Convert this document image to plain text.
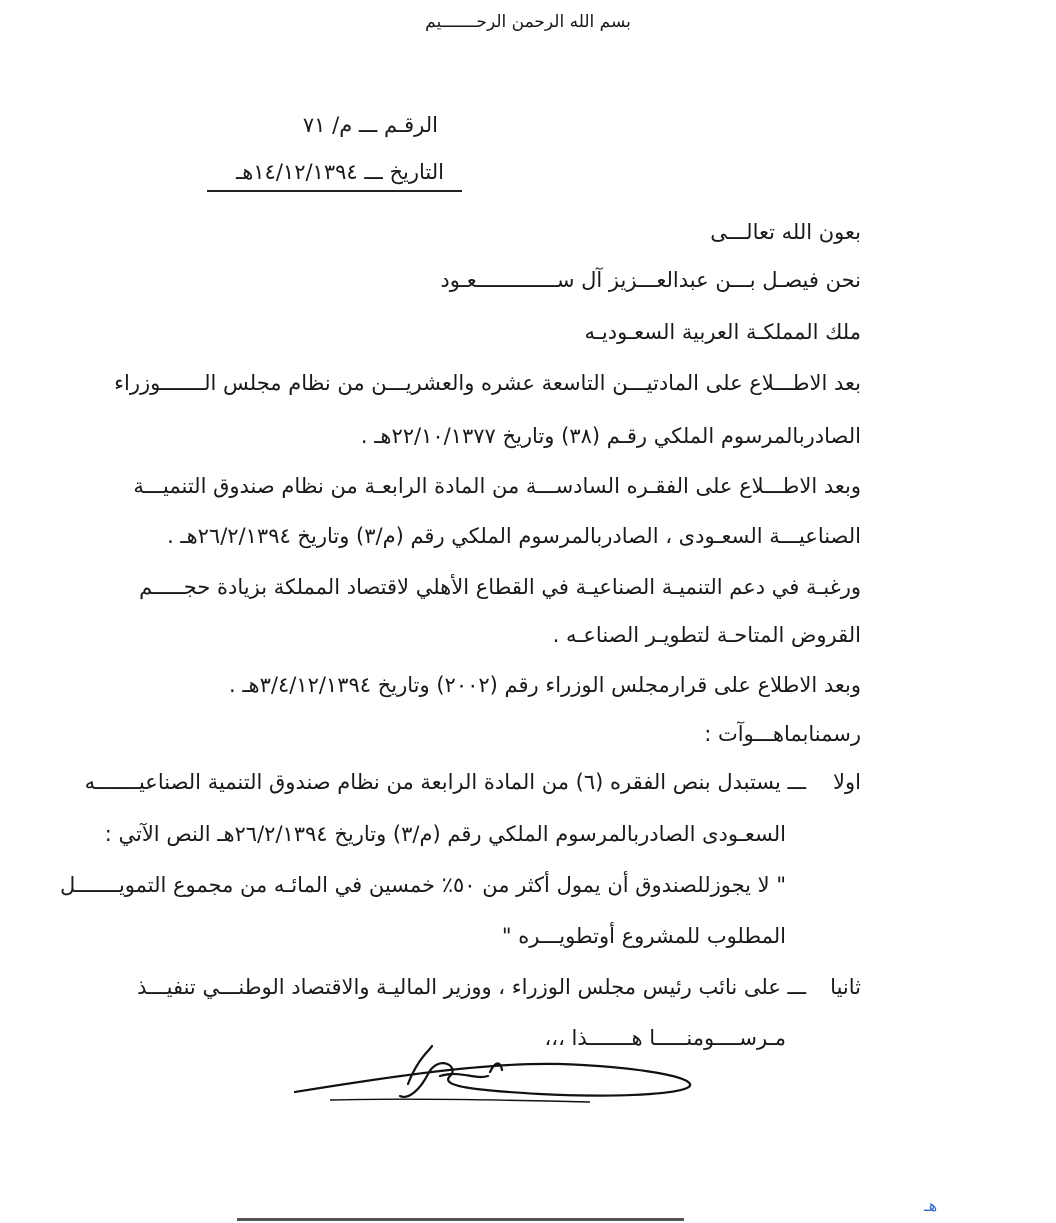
بسم الله الرحمن الرحـــــــيم
الرقـم ـــ م/ ٧١
التاريخ ـــ ١٤/١٢/١٣٩٤هـ
بعون الله تعالـــى
نحن فيصـل بـــن عبدالعـــزيز آل ســـــــــــــعـود
ملك المملكـة العربية السعـوديـه
بعد الاطـــلاع على المادتيـــن التاسعة عشره والعشريـــن من نظام مجلس الـــــــوزراء
الصادربالمرسوم الملكي رقـم (٣٨) وتاريخ ٢٢/١٠/١٣٧٧هـ .
وبعد الاطـــلاع على الفقـره السادســـة من المادة الرابعـة من نظام صندوق التنميـــة
الصناعيـــة السعـودى ، الصادربالمرسوم الملكي رقم (م/٣) وتاريخ ٢٦/٢/١٣٩٤هـ .
ورغبـة في دعم التنميـة الصناعيـة في القطاع الأهلي لاقتصاد المملكة بزيادة حجـــــم
القروض المتاحـة لتطويـر الصناعـه .
وبعد الاطلاع على قرارمجلس الوزراء رقم (٢٠٠٢) وتاريخ ٣/٤/١٢/١٣٩٤هـ .
رسمنابماهـــوآت :
اولا
ـــ يستبدل بنص الفقره (٦) من المادة الرابعة من نظام صندوق التنمية الصناعيـــــــه
السعـودى الصادربالمرسوم الملكي رقم (م/٣) وتاريخ ٢٦/٢/١٣٩٤هـ النص الآتي :
" لا يجوزللصندوق أن يمول أكثر من ٥٠٪ خمسين في المائـه من مجموع التمويـــــــل
المطلوب للمشروع أوتطويـــره "
ثانيا
ـــ على نائب رئيس مجلس الوزراء ، ووزير الماليـة والاقتصاد الوطنـــي تنفيـــذ
مـرســــومنـــــا هـــــــذا ،،،
هـ
